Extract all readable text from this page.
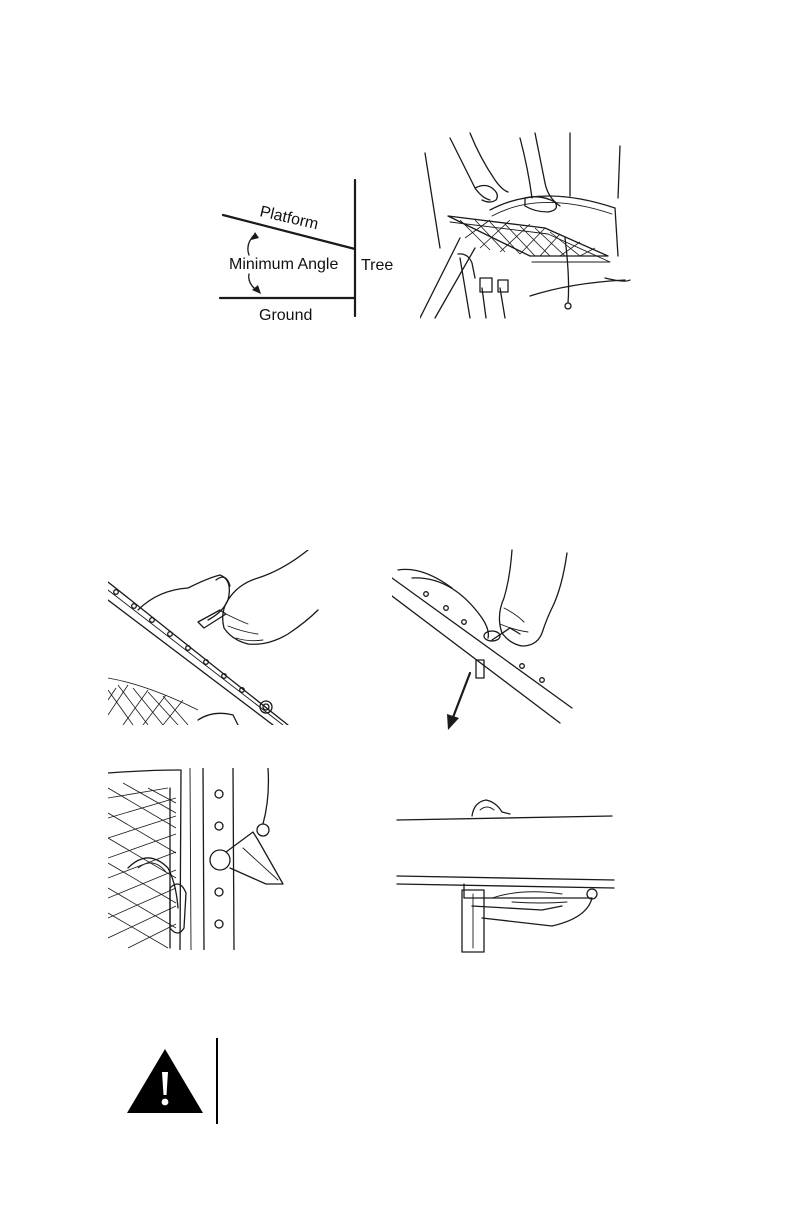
Platform
Minimum Angle Tree
Ground
